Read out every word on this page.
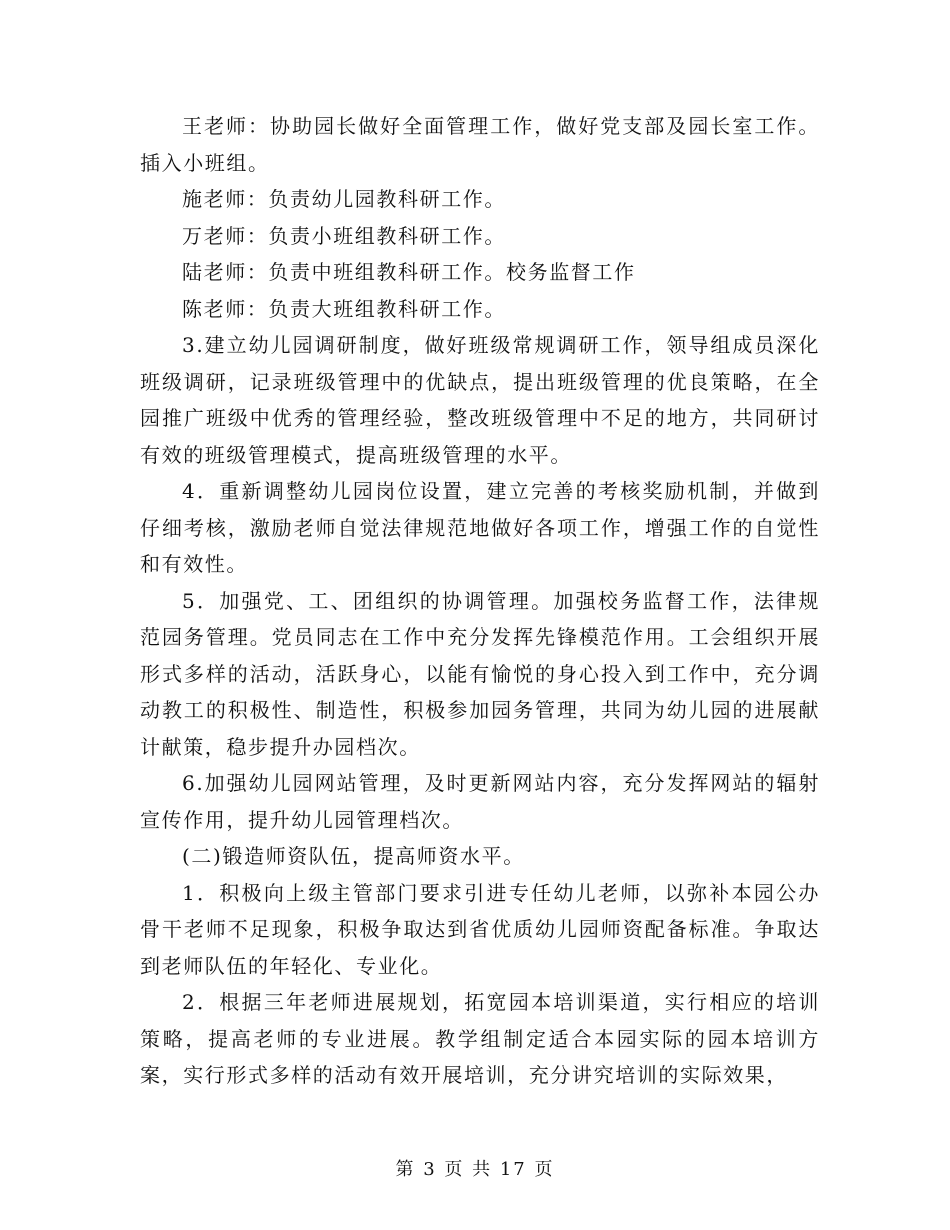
王老师：协助园长做好全面管理工作，做好党支部及园长室工作。插入小班组。

施老师：负责幼儿园教科研工作。

万老师：负责小班组教科研工作。

陆老师：负责中班组教科研工作。校务监督工作

陈老师：负责大班组教科研工作。

3.建立幼儿园调研制度，做好班级常规调研工作，领导组成员深化班级调研，记录班级管理中的优缺点，提出班级管理的优良策略，在全园推广班级中优秀的管理经验，整改班级管理中不足的地方，共同研讨有效的班级管理模式，提高班级管理的水平。

4．重新调整幼儿园岗位设置，建立完善的考核奖励机制，并做到仔细考核，激励老师自觉法律规范地做好各项工作，增强工作的自觉性和有效性。

5．加强党、工、团组织的协调管理。加强校务监督工作，法律规范园务管理。党员同志在工作中充分发挥先锋模范作用。工会组织开展形式多样的活动，活跃身心，以能有愉悦的身心投入到工作中，充分调动教工的积极性、制造性，积极参加园务管理，共同为幼儿园的进展献计献策，稳步提升办园档次。

6.加强幼儿园网站管理，及时更新网站内容，充分发挥网站的辐射宣传作用，提升幼儿园管理档次。

(二)锻造师资队伍，提高师资水平。

1．积极向上级主管部门要求引进专任幼儿老师，以弥补本园公办骨干老师不足现象，积极争取达到省优质幼儿园师资配备标准。争取达到老师队伍的年轻化、专业化。

2．根据三年老师进展规划，拓宽园本培训渠道，实行相应的培训策略，提高老师的专业进展。教学组制定适合本园实际的园本培训方案，实行形式多样的活动有效开展培训，充分讲究培训的实际效果，

第 3 页 共 17 页
